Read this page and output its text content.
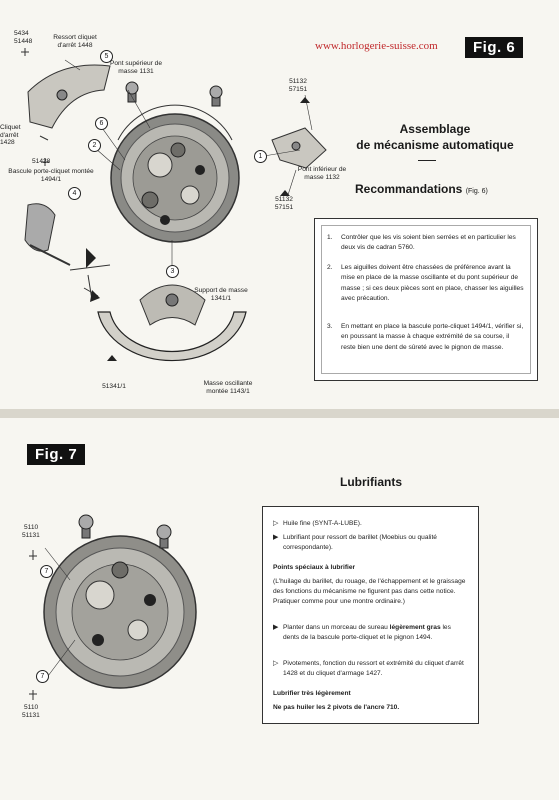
www.horlogerie-suisse.com	Fig. 6
Assemblage
de mécanisme automatique
Recommandations (Fig. 6)
1. Contrôler que les vis soient bien serrées et en particulier les deux vis de cadran 5760.
2. Les aiguilles doivent être chassées de préférence avant la mise en place de la masse oscillante et du pont supérieur de masse ; si ces deux pièces sont en place, chasser les aiguilles avec précaution.
3. En mettant en place la bascule porte-cliquet 1494/1, vérifier si, en poussant la masse à chaque extrémité de sa course, il reste bien une dent de sûreté avec le pignon de masse.
5434
51448
Ressort cliquet d'arrêt 1448
Pont supérieur de masse 1131
Cliquet d'arrêt 1428
51428
Bascule porte-cliquet montée 1494/1
51132
57151
Pont inférieur de masse 1132
51132
57151
Support de masse 1341/1
51341/1	Masse oscillante montée 1143/1
1
2
3
4
5
6
Fig. 7
Lubrifiants
▷ Huile fine (SYNT-A-LUBE).
▶ Lubrifiant pour ressort de barillet (Moebius ou qualité correspondante).
Points spéciaux à lubrifier
(L'huilage du barillet, du rouage, de l'échappement et le graissage des fonctions du mécanisme ne figurent pas dans cette notice. Pratiquer comme pour une montre ordinaire.)
▶ Planter dans un morceau de sureau légèrement gras les dents de la bascule porte-cliquet et le pignon 1494.
▷ Pivotements, fonction du ressort et extrémité du cliquet d'arrêt 1428 et du cliquet d'armage 1427.
Lubrifier très légèrement
Ne pas huiler les 2 pivots de l'ancre 710.
5110
51131
5110
51131
7
7
